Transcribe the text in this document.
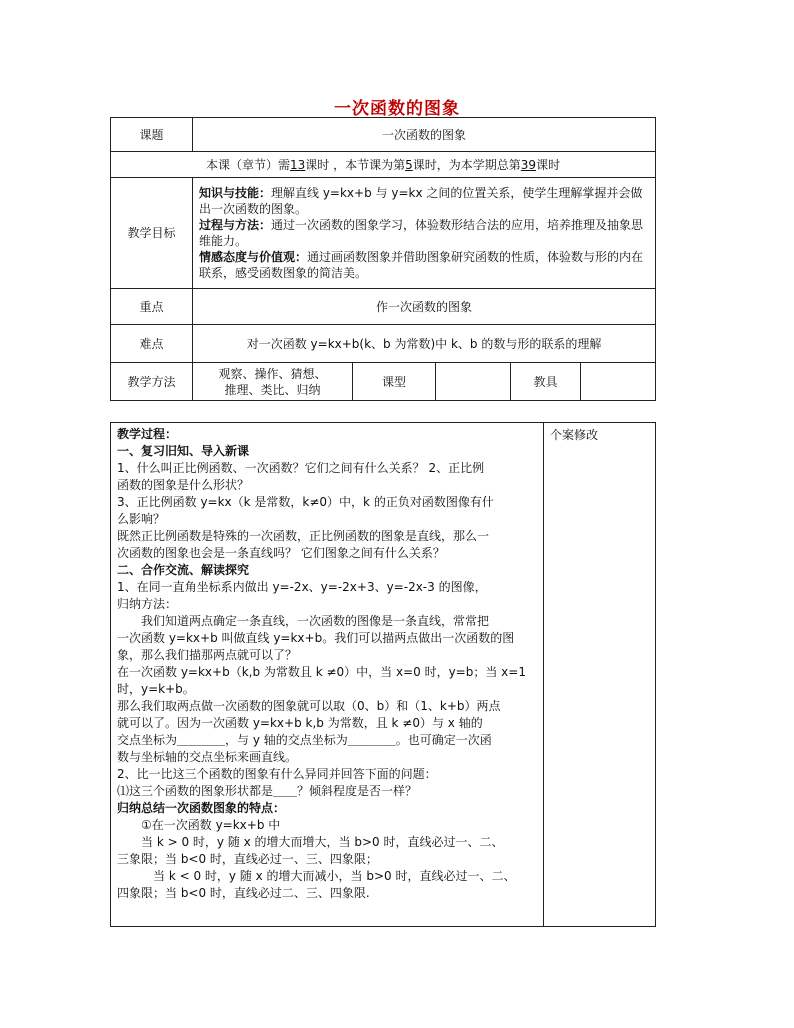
一次函数的图象
课题	一次函数的图象				
本课（章节）需13课时 ，本节课为第5课时，为本学期总第39课时					
教学目标	知识与技能：理解直线 y=kx+b 与 y=kx 之间的位置关系，使学生理解掌握并会做出一次函数的图象。

过程与方法：通过一次函数的图象学习，体验数形结合法的应用，培养推理及抽象思维能力。

情感态度与价值观：通过画函数图象并借助图象研究函数的性质，体验数与形的内在联系，感受函数图象的简洁美。				

重点	作一次函数的图象				
难点	对一次函数 y=kx+b(k、b 为常数)中 k、b 的数与形的联系的理解				
教学方法	观察、操作、猜想、
推理、类比、归纳	课型		教具	

教学过程：

一、复习旧知、导入新课

1、什么叫正比例函数、一次函数？它们之间有什么关系？ 2、正比例

函数的图象是什么形状？

3、正比例函数 y=kx（k 是常数，k≠0）中，k 的正负对函数图像有什

么影响？

既然正比例函数是特殊的一次函数，正比例函数的图象是直线，那么一

次函数的图象也会是一条直线吗？ 它们图象之间有什么关系？

二、合作交流、解读探究

1、在同一直角坐标系内做出 y=-2x、y=-2x+3、y=-2x-3 的图像，

归纳方法：

我们知道两点确定一条直线，一次函数的图像是一条直线，常常把

一次函数 y=kx+b 叫做直线 y=kx+b。我们可以描两点做出一次函数的图

象，那么我们描那两点就可以了？

在一次函数 y=kx+b（k,b 为常数且 k ≠0）中，当 x=0 时，y=b；当 x=1

时，y=k+b。

那么我们取两点做一次函数的图象就可以取（0、b）和（1、k+b）两点

就可以了。因为一次函数 y=kx+b k,b 为常数，且 k ≠0）与 x 轴的

交点坐标为＿＿＿＿，与 y 轴的交点坐标为＿＿＿＿。也可确定一次函

数与坐标轴的交点坐标来画直线。

2、比一比这三个函数的图象有什么异同并回答下面的问题：

⑴这三个函数的图象形状都是＿＿？倾斜程度是否一样？

归纳总结一次函数图象的特点：

①在一次函数 y=kx+b 中

当 k > 0 时，y 随 x 的增大而增大，当 b>0 时，直线必过一、二、

三象限；当 b<0 时，直线必过一、三、四象限；

当 k < 0 时，y 随 x 的增大而减小，当 b>0 时，直线必过一、二、

四象限；当 b<0 时，直线必过二、三、四象限.

	个案修改
